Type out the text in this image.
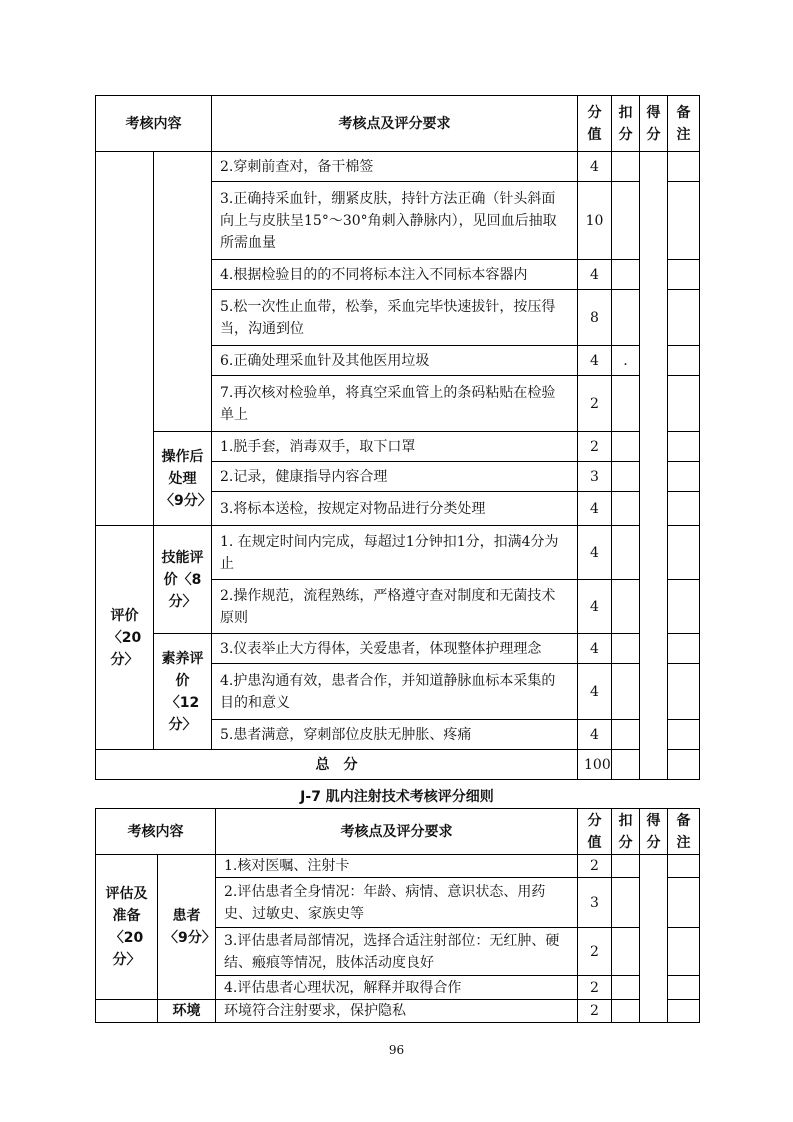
考核内容		考核点及评分要求	分值	扣分	得分	备注	
		2.穿刺前查对，备干棉签	4				
		3.正确持采血针，绷紧皮肤，持针方法正确（针头斜面向上与皮肤呈15°～30°角刺入静脉内），见回血后抽取所需血量	10				
		4.根据检验目的的不同将标本注入不同标本容器内	4				
		5.松一次性止血带，松拳，采血完毕快速拔针，按压得当，沟通到位	8				
		6.正确处理采血针及其他医用垃圾	4	.			
		7.再次核对检验单，将真空采血管上的条码粘贴在检验单上	2				
	操作后处理〈9分〉	1.脱手套，消毒双手，取下口罩	2				
		2.记录，健康指导内容合理	3				
		3.将标本送检，按规定对物品进行分类处理	4				
评价〈20分〉	技能评价〈8分〉	1. 在规定时间内完成，每超过1分钟扣1分，扣满4分为止	4				
		2.操作规范，流程熟练，严格遵守查对制度和无菌技术原则	4				
	素养评价〈12分〉	3.仪表举止大方得体，关爱患者，体现整体护理理念	4				
		4.护患沟通有效，患者合作，并知道静脉血标本采集的目的和意义	4				
		5.患者满意，穿刺部位皮肤无肿胀、疼痛	4				
总　分			100				
J-7 肌内注射技术考核评分细则
考核内容		考核点及评分要求	分值	扣分	得分	备注
评估及准备〈20分〉	患者〈9分〉	1.核对医嘱、注射卡	2			
		2.评估患者全身情况：年龄、病情、意识状态、用药史、过敏史、家族史等	3			
		3.评估患者局部情况，选择合适注射部位：无红肿、硬结、瘢痕等情况，肢体活动度良好	2			
		4.评估患者心理状况，解释并取得合作	2			
	环境	环境符合注射要求，保护隐私	2			
96
